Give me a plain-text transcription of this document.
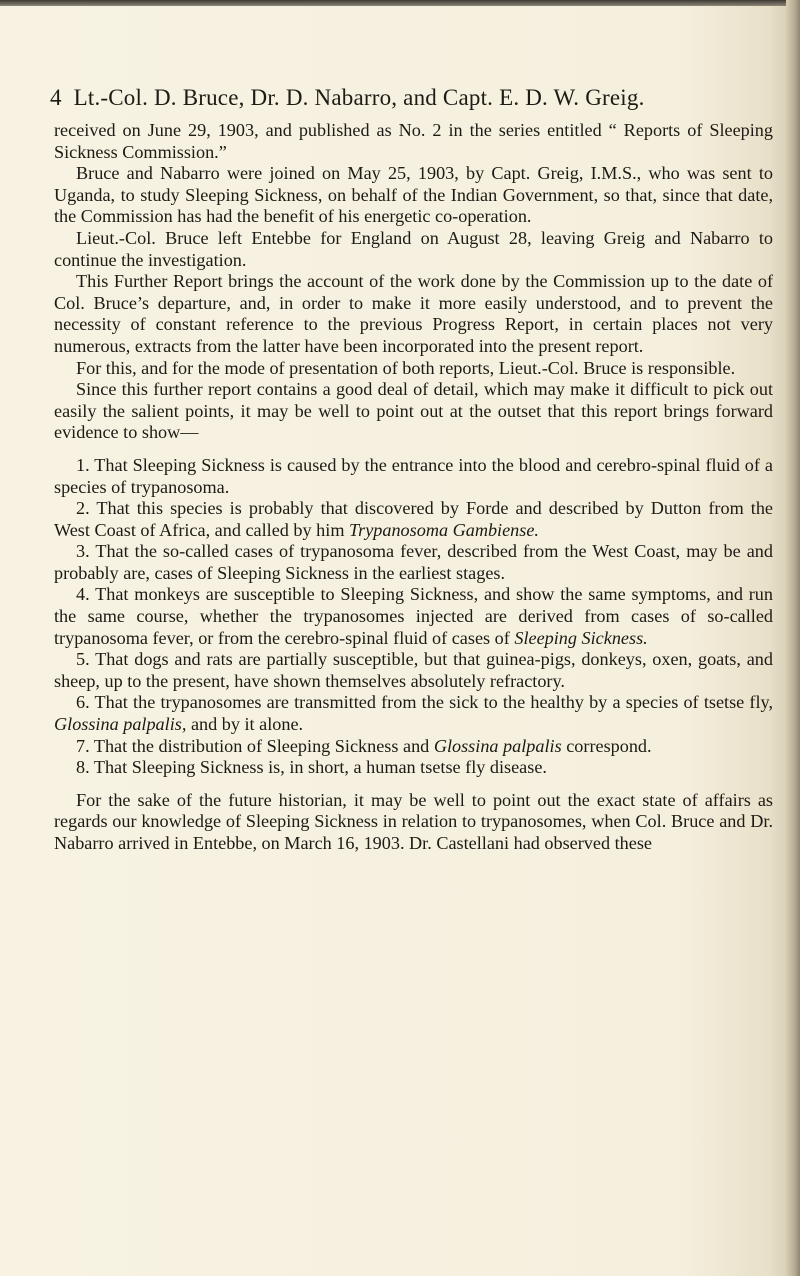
4 Lt.-Col. D. Bruce, Dr. D. Nabarro, and Capt. E. D. W. Greig.

received on June 29, 1903, and published as No. 2 in the series entitled “ Reports of Sleeping Sickness Commission.”

Bruce and Nabarro were joined on May 25, 1903, by Capt. Greig, I.M.S., who was sent to Uganda, to study Sleeping Sickness, on behalf of the Indian Government, so that, since that date, the Commission has had the benefit of his energetic co-operation.

Lieut.-Col. Bruce left Entebbe for England on August 28, leaving Greig and Nabarro to continue the investigation.

This Further Report brings the account of the work done by the Commission up to the date of Col. Bruce’s departure, and, in order to make it more easily understood, and to prevent the necessity of constant reference to the previous Progress Report, in certain places not very numerous, extracts from the latter have been incorporated into the present report.

For this, and for the mode of presentation of both reports, Lieut.-Col. Bruce is responsible.

Since this further report contains a good deal of detail, which may make it difficult to pick out easily the salient points, it may be well to point out at the outset that this report brings forward evidence to show—

1. That Sleeping Sickness is caused by the entrance into the blood and cerebro-spinal fluid of a species of trypanosoma.
2. That this species is probably that discovered by Forde and described by Dutton from the West Coast of Africa, and called by him Trypanosoma Gambiense.
3. That the so-called cases of trypanosoma fever, described from the West Coast, may be and probably are, cases of Sleeping Sickness in the earliest stages.
4. That monkeys are susceptible to Sleeping Sickness, and show the same symptoms, and run the same course, whether the trypanosomes injected are derived from cases of so-called trypanosoma fever, or from the cerebro-spinal fluid of cases of Sleeping Sickness.
5. That dogs and rats are partially susceptible, but that guinea-pigs, donkeys, oxen, goats, and sheep, up to the present, have shown themselves absolutely refractory.
6. That the trypanosomes are transmitted from the sick to the healthy by a species of tsetse fly, Glossina palpalis, and by it alone.
7. That the distribution of Sleeping Sickness and Glossina palpalis correspond.
8. That Sleeping Sickness is, in short, a human tsetse fly disease.

For the sake of the future historian, it may be well to point out the exact state of affairs as regards our knowledge of Sleeping Sickness in relation to trypanosomes, when Col. Bruce and Dr. Nabarro arrived in Entebbe, on March 16, 1903. Dr. Castellani had observed these
